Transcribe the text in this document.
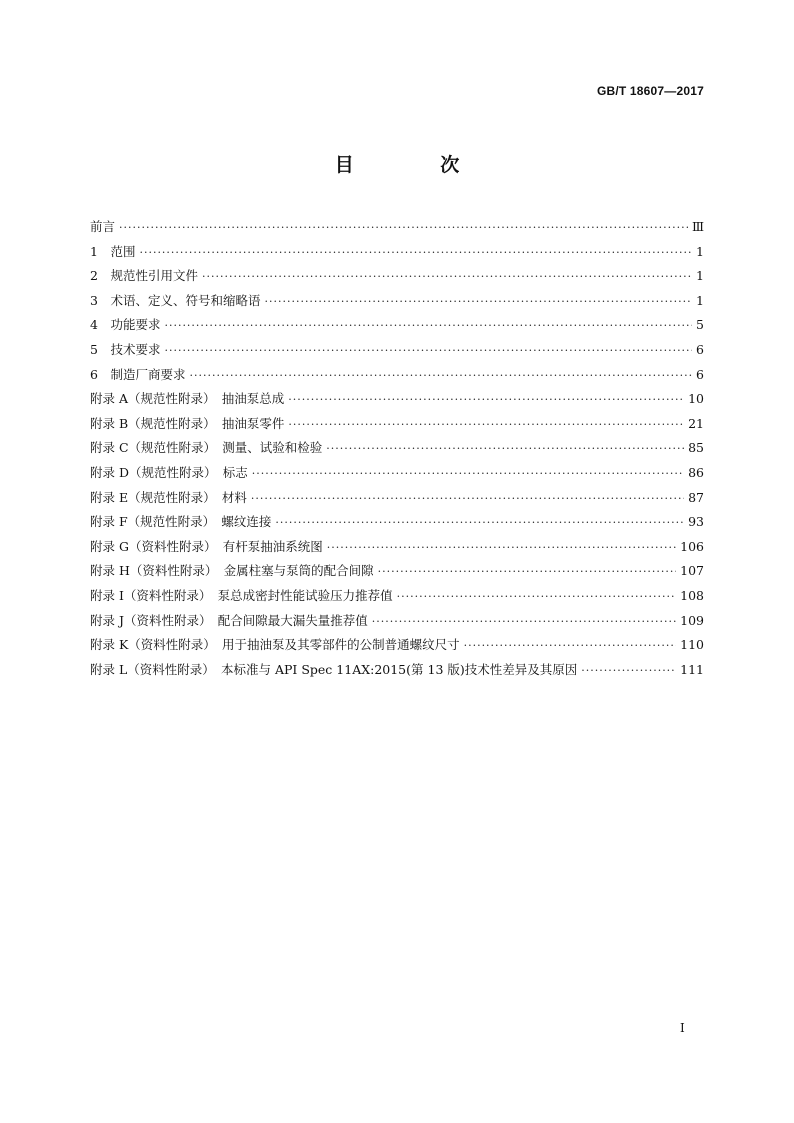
GB/T 18607—2017

目 次
前言 ·····	Ⅲ
1　范围 ·····	1
2　规范性引用文件 ·····	1
3　术语、定义、符号和缩略语 ·····	1
4　功能要求 ·····	5
5　技术要求 ·····	6
6　制造厂商要求 ·····	6
附录 A（规范性附录）　抽油泵总成 ·····	10
附录 B（规范性附录）　抽油泵零件 ·····	21
附录 C（规范性附录）　测量、试验和检验 ·····	85
附录 D（规范性附录）　标志 ·····	86
附录 E（规范性附录）　材料 ·····	87
附录 F（规范性附录）　螺纹连接 ·····	93
附录 G（资料性附录）　有杆泵抽油系统图 ·····	106
附录 H（资料性附录）　金属柱塞与泵筒的配合间隙 ·····	107
附录 I（资料性附录）　泵总成密封性能试验压力推荐值 ·····	108
附录 J（资料性附录）　配合间隙最大漏失量推荐值 ·····	109
附录 K（资料性附录）　用于抽油泵及其零部件的公制普通螺纹尺寸 ·····	110
附录 L（资料性附录）　本标准与 API Spec 11AX:2015(第 13 版)技术性差异及其原因 ·····	111

I
